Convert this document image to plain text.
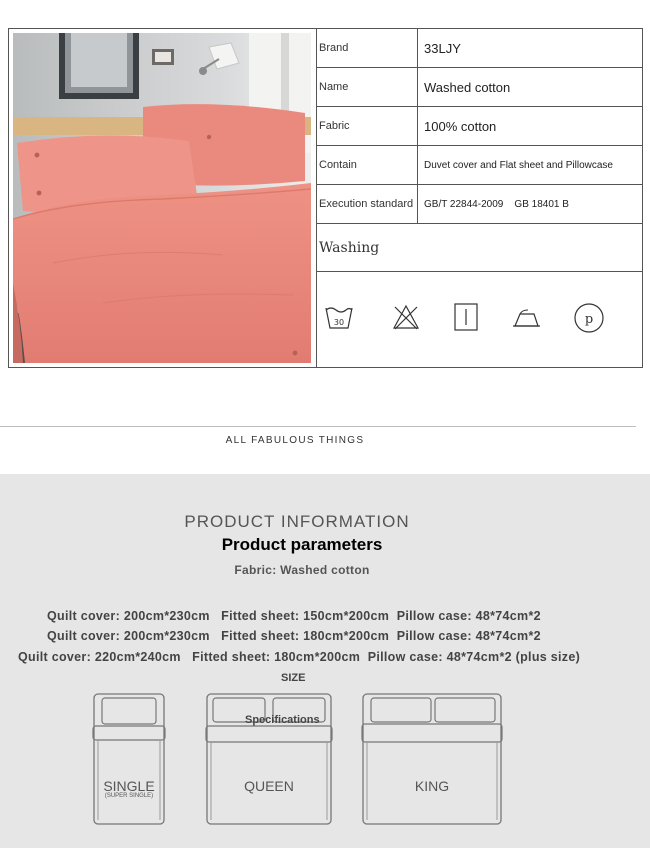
Brand	33LJY
Name	Washed cotton
Fabric	100% cotton
Contain	Duvet cover and Flat sheet and Pillowcase
Execution standard	GB/T 22844-2009    GB 18401 B
Washing
30	p
ALL FABULOUS THINGS
PRODUCT INFORMATION
Product parameters
Fabric: Washed cotton
Quilt cover: 200cm*230cm   Fitted sheet: 150cm*200cm  Pillow case: 48*74cm*2
Quilt cover: 200cm*230cm   Fitted sheet: 180cm*200cm  Pillow case: 48*74cm*2
Quilt cover: 220cm*240cm   Fitted sheet: 180cm*200cm  Pillow case: 48*74cm*2 (plus size)
SINGLE
(SUPER SINGLE)
QUEEN	KING
SIZE
Specifications
